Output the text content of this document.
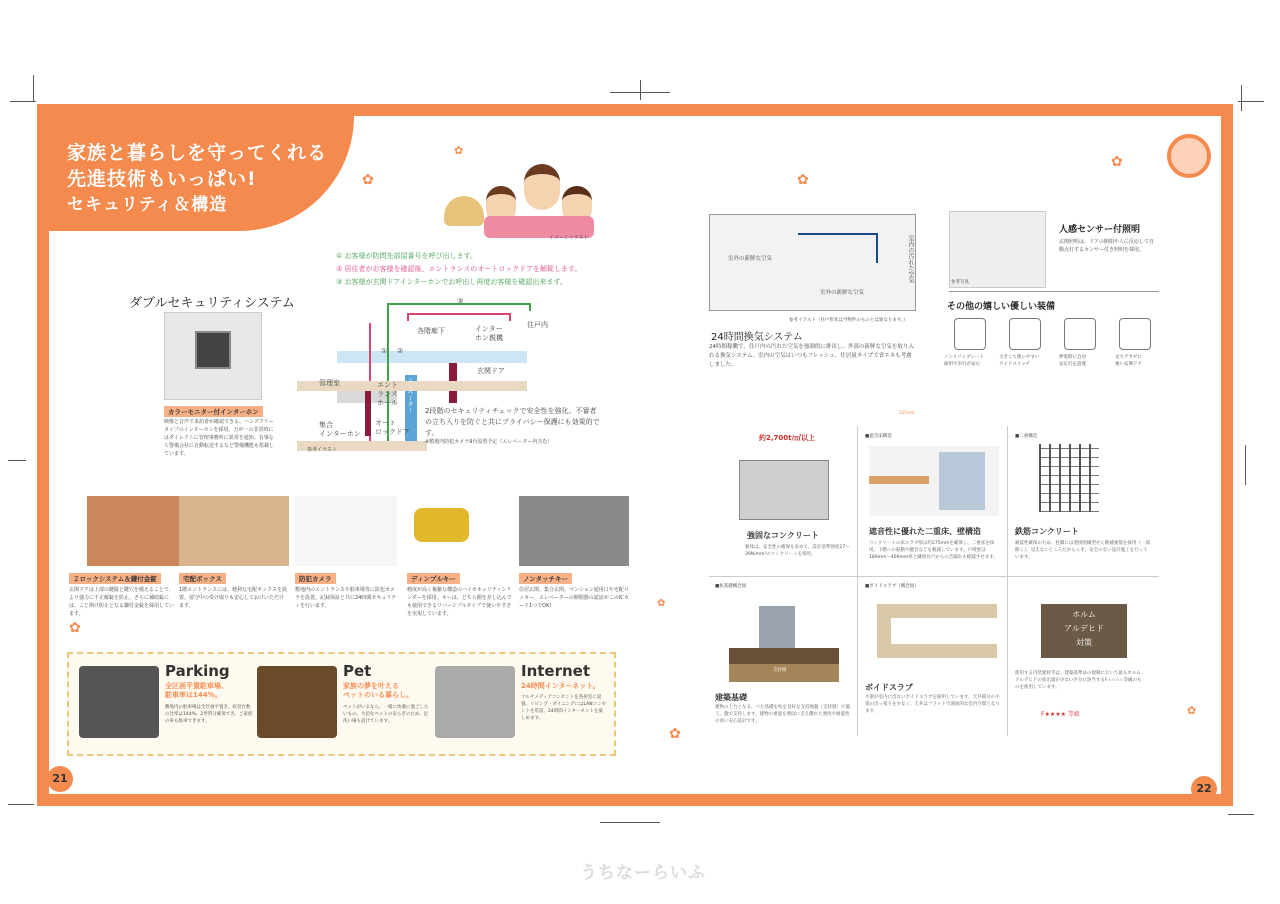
家族と暮らしを守ってくれる
先進技術もいっぱい!
セキュリティ＆構造
✿
✿
✿
✿
✿
✿
✿
✿
イメージイラスト
① お客様が防問先部屋番号を呼び出します。
② 居住者がお客様を確認後、エントランスのオートロックドアを解錠します。
③ お客様が玄関ドアインターホンでお呼出し再度お客様を確認出来ます。
ダブルセキュリティシステム
各階廊下	インター
ホン親機
住戸内
玄関ドア
エレベーター
管理室	エント
ランス
ホール
集合
インターホン
オート
ロックドア
① ②
③
参考イラスト
カラーモニター付インターホン
映像と音声で来訪者が確認できる、ハンズフリータイプのインターホンを採用。万が一の非常時にはダイレクトに管理事務所に異常を通知。有事なら警備会社に自動転送するなど警備機能も搭載しています。
2段階のセキュリティチェックで安全性を強化。不審者の立ち入りを防ぐと共にプライバシー保護にも効果的です。
※敷地内防犯カメラ9台設置予定（エレベーター内含む）
２ロックシステム＆鎌付金錠
玄関ドアは上部の鍵錠と鍵穴を備えることで、より強力に不正解錠を防止。さらに補助錠には、こじ開け防止となる鎌付金錠を採用しています。
宅配ボックス
1階エントランスには、便利な宅配ボックスを設置。留守中の受け取りも安心しておけいただけます。
防犯カメラ
敷地内のエントランスや駐車場等に防犯カメラを設置。記録保証と共に24時間セキュリティを行います。
ディンプルキー
精度が高く複雑な構造のハイセキュリティシリンダーを採用。キーは、どちら側を差し込んでも使用できるリバーシブルタイプで使いやすさを実現しています。
ノンタッチキー
住居玄関、集合玄関、マンション通用口や宅配ロッカー、エレベーターの開閉器の認証がこのICカード1つでOK!
Parking
全区画平置駐車場、
駐車率は144%。
敷地内の駐車場は全区画平置き。収容台数の比率は144%。2世帯分確保でき、ご家族の車も駐車できます。
Pet
家族の夢を叶える
ペットのいる暮らし。
ペットがいるなら、一緒に快適に過ごしたいもの。大切なペットの安らぎのため、足洗い場も設けています。
Internet
24時間インターネット。
マルチメディアコンセントを各居室に設置。リビング・ダイニングにはLANコンセントを常設。24時間インターネットを楽しめます。
21
22
室外の新鮮な空気
室外の新鮮な空気
室内の汚れた空気
参考イラスト（住戸形状は当物件のものとは異なります。）
24時間換気システム
24時間稼働で、住戸内の汚れた空気を強制的に排出し、外部の新鮮な空気を取り入れる換気システム。室内の空気はいつもフレッシュ、住居量タイプで省エネも考慮しました。
参考写真
人感センサー付照明
玄関照明は、ドアの開閉や人に反応して自動点灯するセンサー付き照明を採用。
その他の嬉しい優しい装備
ノンスリップシート
採用で歩行が安心
大きくて使いやすい
ワイドスイッチ
押電時に自対
安定灯を設置
文大アサゼに
強い玄関ドア
325mm
約2,700t/㎡以上
強固なコンクリート
躯体は、安全性の確保を求めて、設計基準強度27〜39N/mm²のコンクリートを採用。
■遮音床構造
遮音性に優れた二重床、壁構造
コンクリートの床スラブ厚は約275mmを確保し、二重床を採用。下階への振動や騒音などを軽減しています。戸境壁は180mm〜400mm厚と隣接住戸からの音漏れも軽減させます。
■二重構造
鉄筋コンクリート
耐震性確保のため、柱脚には溶接閉鎖型せん断補強筋を採用（一部除く）。見えないところだからこそ、安全のない設計施工を行っています。
■杭基礎概念図
支持層
建築基礎
建物の土台となる、べた基礎を杭を良好な支持地盤（支持層）で施工。盤で支持します。建物の重量を強固に支え優れた強度や耐震性の高い安心設計です。
■ボイドスラブ（概念図）
ボイドスラブ
小梁が室内に出ないボイドスラブを採用しています。天井部分の小梁の出っ張りを少なく、天井はフラットで開放的な室内空間となります。
ホルム
アルデヒド
対策
使用する内装建材等は、建築基準法の規制において最もホルムアルデヒドの放出量が少ない区分に該当するF☆☆☆☆等級のものを使用しています。
F★★★★ 等級
うちなーらいふ
